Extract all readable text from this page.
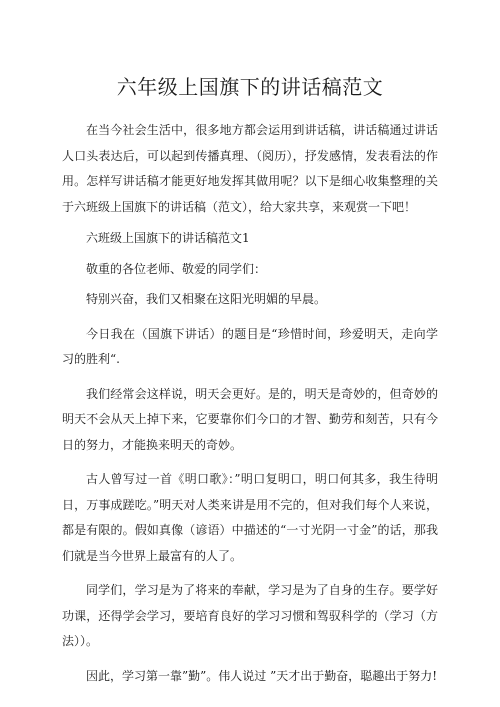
六年级上国旗下的讲话稿范文

在当今社会生活中，很多地方都会运用到讲话稿，讲话稿通过讲话人口头表达后，可以起到传播真理、（阅历），抒发感情，发表看法的作用。怎样写讲话稿才能更好地发挥其做用呢？以下是细心收集整理的关于六班级上国旗下的讲话稿（范文），给大家共享，来观赏一下吧！

六班级上国旗下的讲话稿范文1

敬重的各位老师、敬爱的同学们：

特别兴奋，我们又相聚在这阳光明媚的早晨。

今日我在（国旗下讲话）的题目是“珍惜时间，珍爱明天，走向学习的胜利“.

我们经常会这样说，明天会更好。是的，明天是奇妙的，但奇妙的明天不会从天上掉下来，它要靠你们今口的才智、勤劳和刻苦，只有今日的努力，才能换来明天的奇妙。

古人曾写过一首《明口歌》：”明口复明口，明口何其多，我生待明日，万事成蹉吃。”明天对人类来讲是用不完的，但对我们每个人来说，都是有限的。假如真像（谚语）中描述的“一寸光阴一寸金”的话，那我们就是当今世界上最富有的人了。

同学们，学习是为了将来的奉献，学习是为了自身的生存。要学好功课，还得学会学习，要培育良好的学习习惯和驾驭科学的（学习（方法））。

因此，学习第一靠”勤”。伟人说过 ”天才出于勤奋，聪趣出于努力!
